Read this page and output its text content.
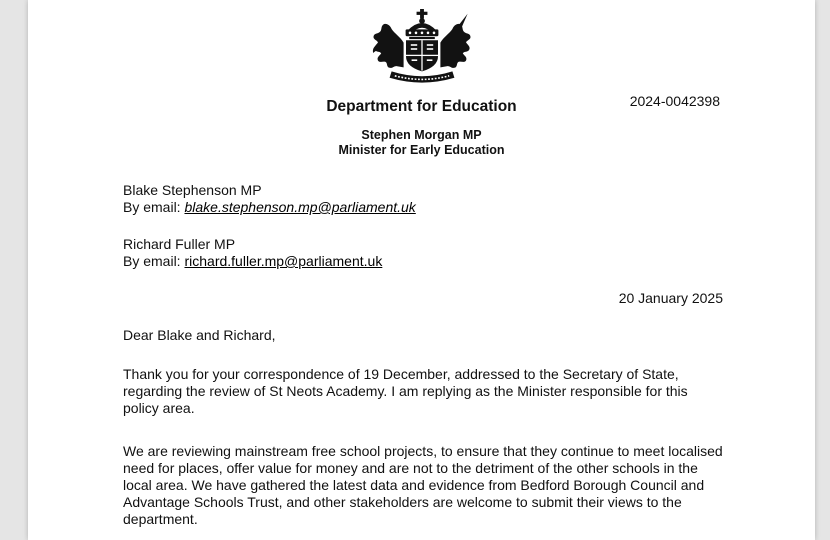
2024-0042398
Department for Education
Stephen Morgan MP
Minister for Early Education

Blake Stephenson MP

By email: blake.stephenson.mp@parliament.uk

Richard Fuller MP

By email: richard.fuller.mp@parliament.uk

20 January 2025

Dear Blake and Richard,

Thank you for your correspondence of 19 December, addressed to the Secretary of State, regarding the review of St Neots Academy. I am replying as the Minister responsible for this policy area.

We are reviewing mainstream free school projects, to ensure that they continue to meet localised need for places, offer value for money and are not to the detriment of the other schools in the local area. We have gathered the latest data and evidence from Bedford Borough Council and Advantage Schools Trust, and other stakeholders are welcome to submit their views to the department.
